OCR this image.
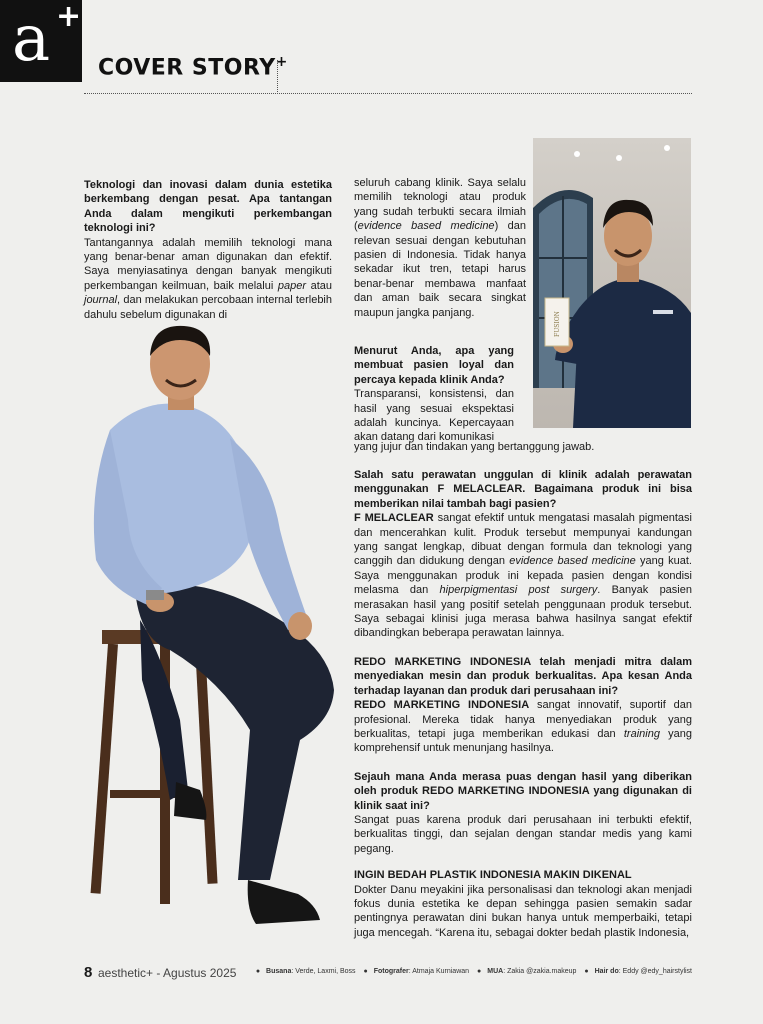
a +
COVER STORY+

Teknologi dan inovasi dalam dunia estetika berkembang dengan pesat. Apa tantangan Anda dalam mengikuti perkembangan teknologi ini?

Tantangannya adalah memilih teknologi mana yang benar-benar aman digunakan dan efektif. Saya menyiasatinya dengan banyak mengikuti perkembangan keilmuan, baik melalui paper atau journal, dan melakukan percobaan internal terlebih dahulu sebelum digunakan di

seluruh cabang klinik. Saya selalu memilih teknologi atau produk yang sudah terbukti secara ilmiah (evidence based medicine) dan relevan sesuai dengan kebutuhan pasien di Indonesia. Tidak hanya sekadar ikut tren, tetapi harus benar-benar membawa manfaat dan aman baik secara singkat maupun jangka panjang.

Menurut Anda, apa yang membuat pasien loyal dan percaya kepada klinik Anda?

Transparansi, konsistensi, dan hasil yang sesuai ekspektasi adalah kuncinya. Kepercayaan akan datang dari komunikasi

yang jujur dan tindakan yang bertanggung jawab.
FUSION

Salah satu perawatan unggulan di klinik adalah perawatan menggunakan F MELACLEAR. Bagaimana produk ini bisa memberikan nilai tambah bagi pasien?

F MELACLEAR sangat efektif untuk mengatasi masalah pigmentasi dan mencerahkan kulit. Produk tersebut mempunyai kandungan yang sangat lengkap, dibuat dengan formula dan teknologi yang canggih dan didukung dengan evidence based medicine yang kuat. Saya menggunakan produk ini kepada pasien dengan kondisi melasma dan hiperpigmentasi post surgery. Banyak pasien merasakan hasil yang positif setelah penggunaan produk tersebut. Saya sebagai klinisi juga merasa bahwa hasilnya sangat efektif dibandingkan beberapa perawatan lainnya.

REDO MARKETING INDONESIA telah menjadi mitra dalam menyediakan mesin dan produk berkualitas. Apa kesan Anda terhadap layanan dan produk dari perusahaan ini?

REDO MARKETING INDONESIA sangat innovatif, suportif dan profesional. Mereka tidak hanya menyediakan produk yang berkualitas, tetapi juga memberikan edukasi dan training yang komprehensif untuk menunjang hasilnya.

Sejauh mana Anda merasa puas dengan hasil yang diberikan oleh produk REDO MARKETING INDONESIA yang digunakan di klinik saat ini?

Sangat puas karena produk dari perusahaan ini terbukti efektif, berkualitas tinggi, dan sejalan dengan standar medis yang kami pegang.

INGIN BEDAH PLASTIK INDONESIA MAKIN DIKENAL

Dokter Danu meyakini jika personalisasi dan teknologi akan menjadi fokus dunia estetika ke depan sehingga pasien semakin sadar pentingnya perawatan dini bukan hanya untuk memperbaiki, tetapi juga mencegah. “Karena itu, sebagai dokter bedah plastik Indonesia,

8 aesthetic+ - Agustus 2025	● Busana: Verde, Laxmi, Boss ● Fotografer: Atmaja Kurniawan ● MUA: Zakia @zakia.makeup ● Hair do: Eddy @edy_hairstylist
